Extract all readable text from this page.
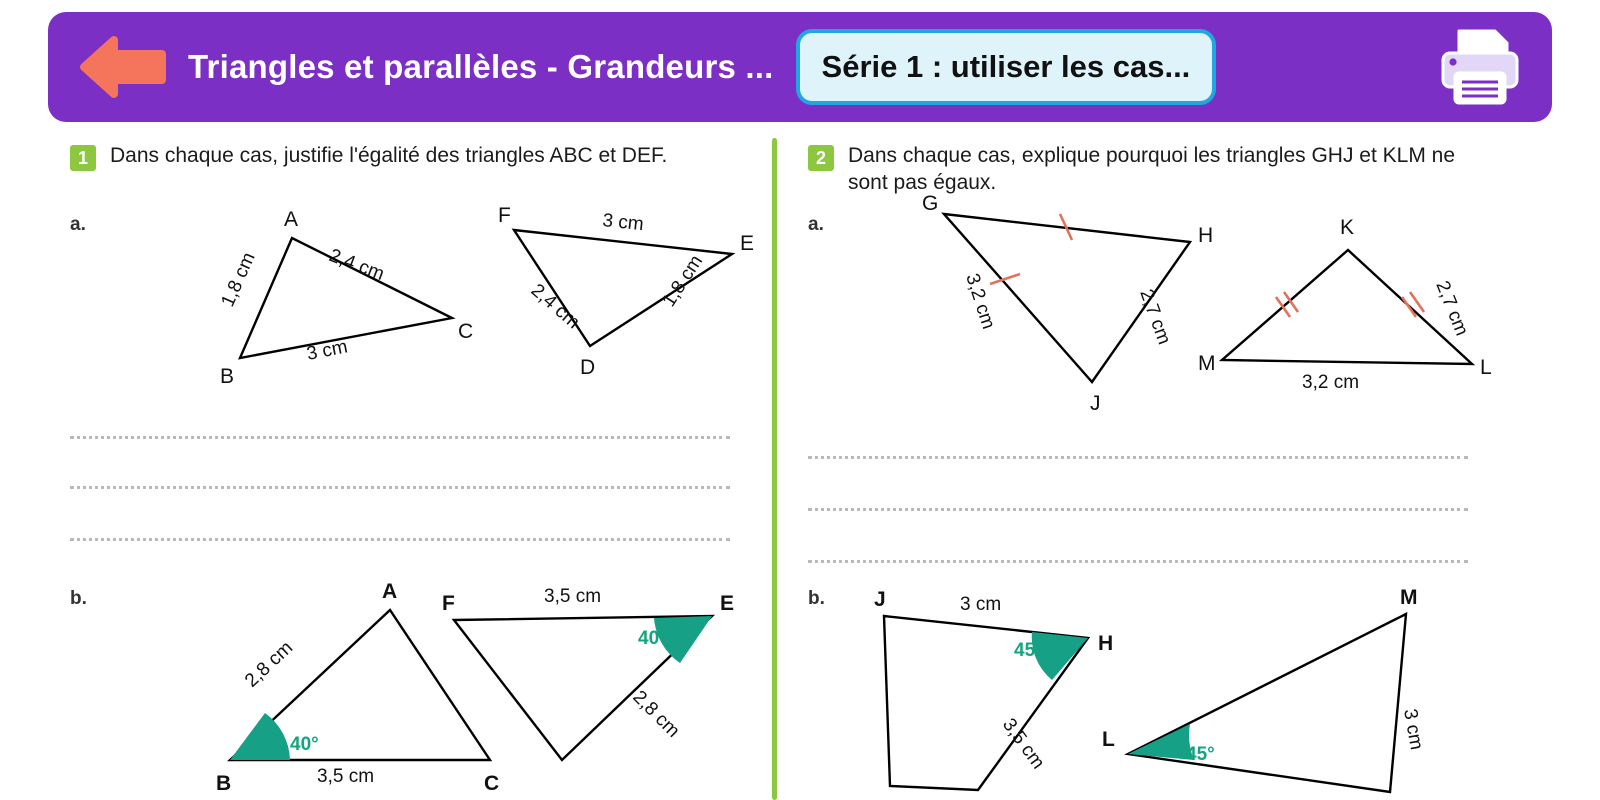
Triangles et parallèles - Grandeurs ... Série 1 : utiliser les cas...
1	Dans chaque cas, justifie l'égalité des triangles ABC et DEF.
a.	A
B
C
1,8 cm	2,4 cm
3 cm
F
E
D
3 cm
2,4 cm	1,8 cm
b.	A
B	C
2,8 cm
3,5 cm
40°
F	E
3,5 cm
2,8 cm
40°
2	Dans chaque cas, explique pourquoi les triangles GHJ et KLM ne sont pas égaux.
a.
G
H
J
3,2 cm	2,7 cm
K
M	L
2,7 cm
3,2 cm
b. J
H
3 cm
3,5 cm
45°
M
L	3 cm
45°
